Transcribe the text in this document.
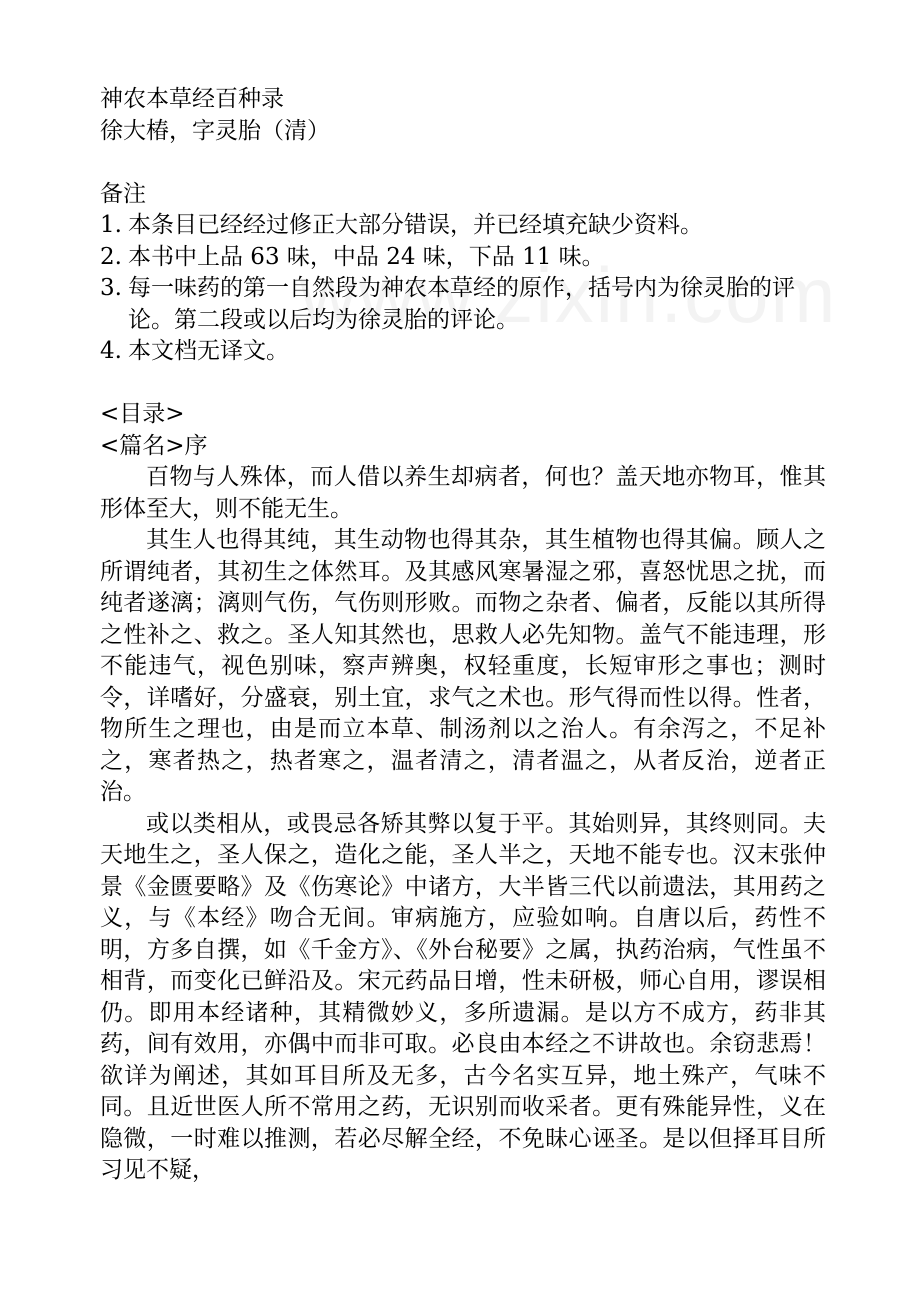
神农本草经百种录
徐大椿，字灵胎（清）
备注
1. 本条目已经经过修正大部分错误，并已经填充缺少资料。
2. 本书中上品 63 味，中品 24 味，下品 11 味。
3. 每一味药的第一自然段为神农本草经的原作，括号内为徐灵胎的评论。第二段或以后均为徐灵胎的评论。
4. 本文档无译文。
<目录>
<篇名>序

百物与人殊体，而人借以养生却病者，何也？盖天地亦物耳，惟其形体至大，则不能无生。

其生人也得其纯，其生动物也得其杂，其生植物也得其偏。顾人之所谓纯者，其初生之体然耳。及其感风寒暑湿之邪，喜怒忧思之扰，而纯者遂漓；漓则气伤，气伤则形败。而物之杂者、偏者，反能以其所得之性补之、救之。圣人知其然也，思救人必先知物。盖气不能违理，形不能违气，视色别味，察声辨奥，权轻重度，长短审形之事也；测时令，详嗜好，分盛衰，别土宜，求气之术也。形气得而性以得。性者，物所生之理也，由是而立本草、制汤剂以之治人。有余泻之，不足补之，寒者热之，热者寒之，温者清之，清者温之，从者反治，逆者正治。

或以类相从，或畏忌各矫其弊以复于平。其始则异，其终则同。夫天地生之，圣人保之，造化之能，圣人半之，天地不能专也。汉末张仲景《金匮要略》及《伤寒论》中诸方，大半皆三代以前遗法，其用药之义，与《本经》吻合无间。审病施方，应验如响。自唐以后，药性不明，方多自撰，如《千金方》、《外台秘要》之属，执药治病，气性虽不相背，而变化已鲜沿及。宋元药品日增，性未研极，师心自用，谬误相仍。即用本经诸种，其精微妙义，多所遗漏。是以方不成方，药非其药，间有效用，亦偶中而非可取。必良由本经之不讲故也。余窃悲焉！欲详为阐述，其如耳目所及无多，古今名实互异，地土殊产，气味不同。且近世医人所不常用之药，无识别而收采者。更有殊能异性，义在隐微，一时难以推测，若必尽解全经，不免昧心诬圣。是以但择耳目所习见不疑，
